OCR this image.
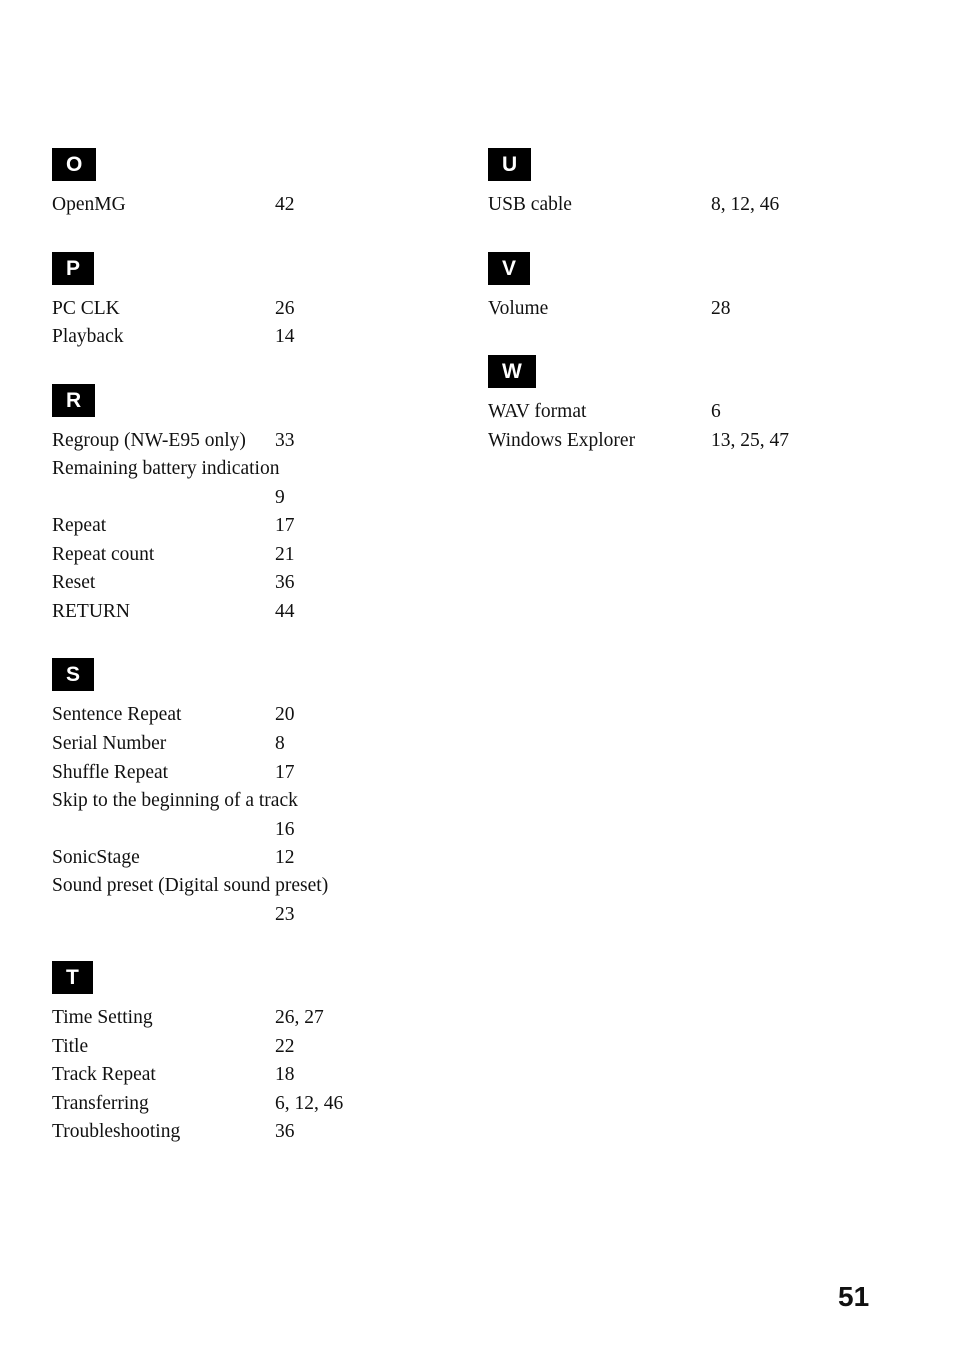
O
OpenMG	42
P
PC CLK	26
Playback	14
R
Regroup (NW-E95 only)	33
Remaining battery indication
9
Repeat	17
Repeat count	21
Reset	36
RETURN	44
S
Sentence Repeat	20
Serial Number	8
Shuffle Repeat	17
Skip to the beginning of a track
16
SonicStage	12
Sound preset (Digital sound preset)
23
T
Time Setting	26, 27
Title	22
Track Repeat	18
Transferring	6, 12, 46
Troubleshooting	36
U
USB cable	8, 12, 46
V
Volume	28
W
WAV format	6
Windows Explorer	13, 25, 47
51
